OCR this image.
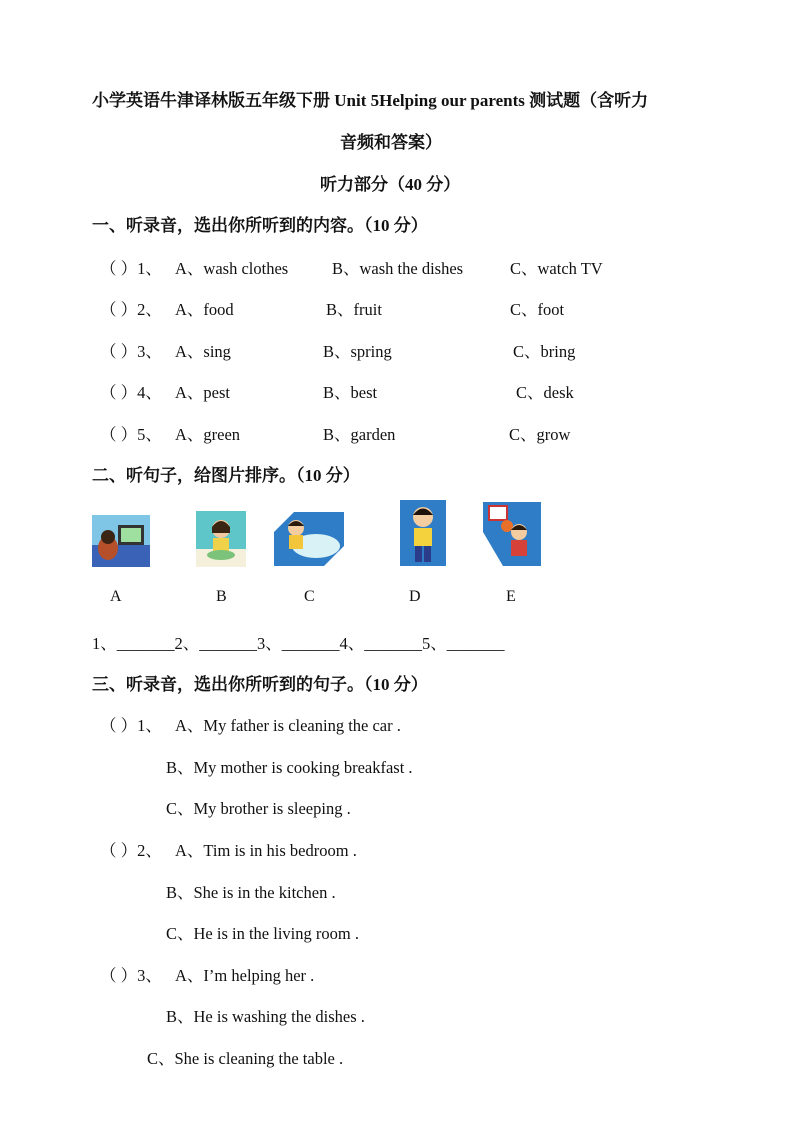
小学英语牛津译林版五年级下册 Unit 5Helping our parents 测试题（含听力
音频和答案）
听力部分（40 分）
一、听录音，选出你所听到的内容。（10 分）
（ ）1、 A、wash clothes	B、wash the dishes	C、watch TV
（ ）2、 A、food	B、fruit	C、foot
（ ）3、 A、sing	B、spring	C、bring
（ ）4、 A、pest	B、best	C、desk
（ ）5、 A、green	B、garden	C、grow
二、听句子，给图片排序。（10 分）
A	B	C	D	E
1、_______2、_______3、_______4、_______5、_______
三、听录音，选出你所听到的句子。（10 分）
（ ）1、 A、My father is cleaning the car .
B、My mother is cooking breakfast .
C、My brother is sleeping .
（ ）2、 A、Tim is in his bedroom .
B、She is in the kitchen .
C、He is in the living room .
（ ）3、 A、I’m helping her .
B、He is washing the dishes .
C、She is cleaning the table .
